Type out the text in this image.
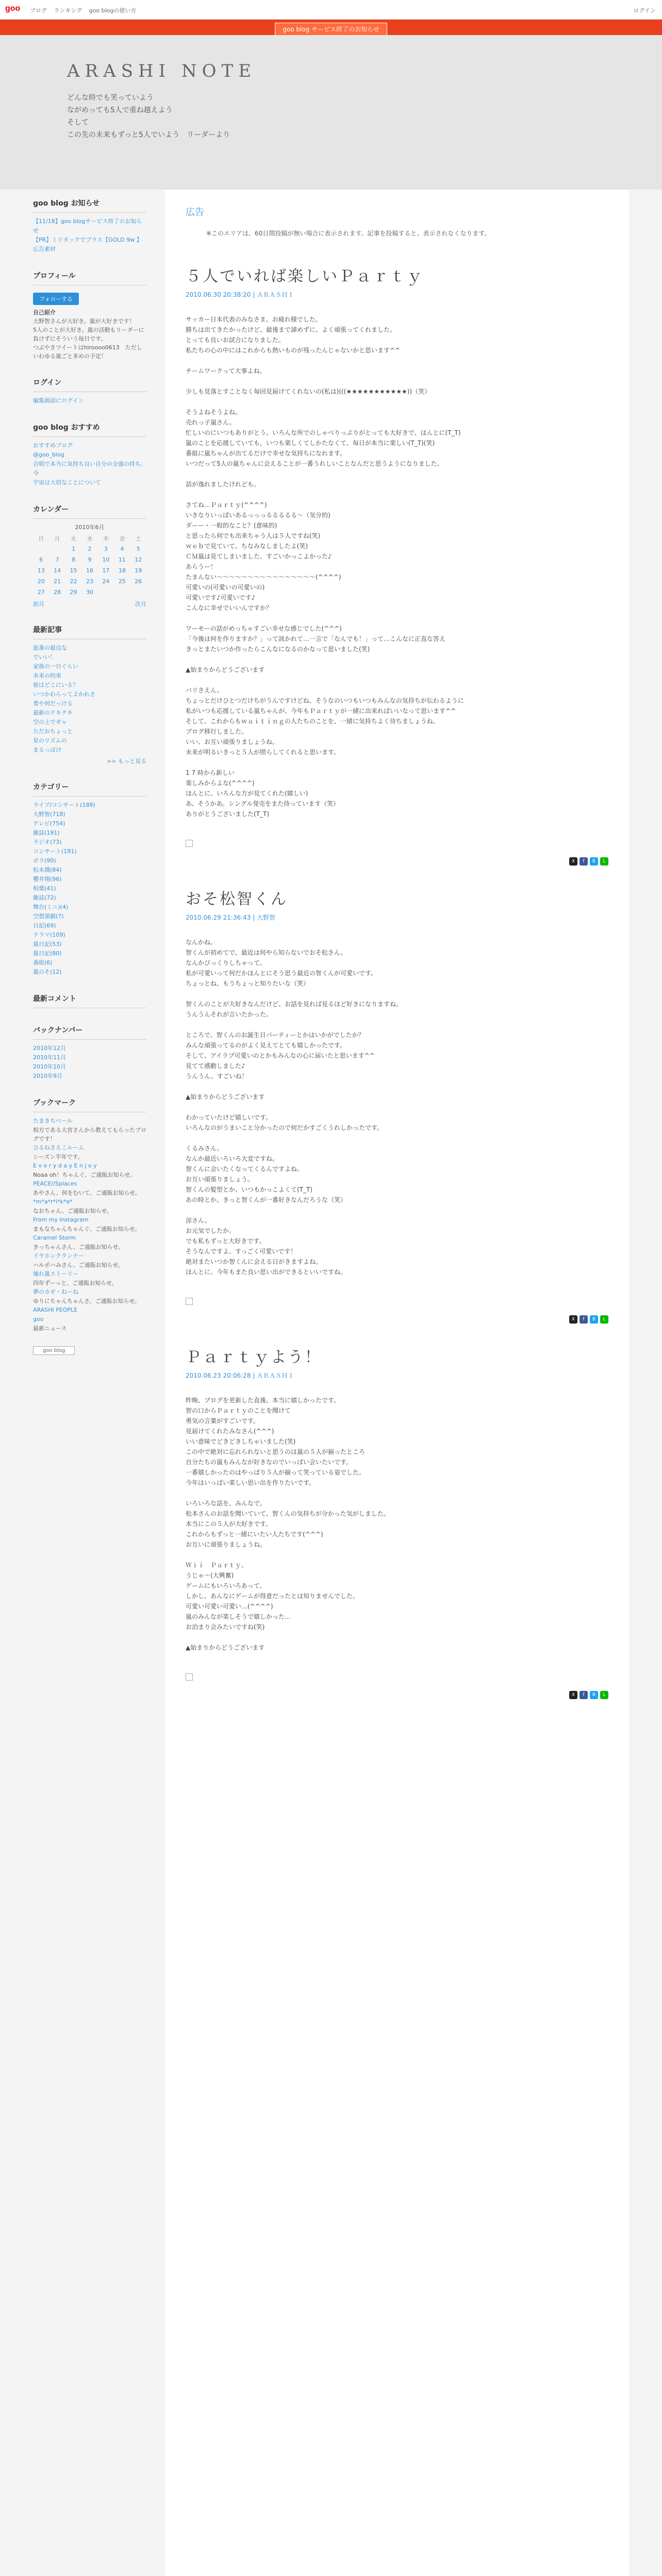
goo ブログ ランキング goo blogの使い方	ログイン
goo blog サービス終了のお知らせ
ARASHI NOTE
どんな時でも笑っていよう
ながめっても5人で重ね越えよう
そして
この先の未来もずっと5人でいよう　リーダーより
goo blog お知らせ
【11/18】goo blogサービス終了のお知らせ
【PR】ミリタックでブラス【GOLD 9w 】広告素材
プロフィール
フォローする
自己紹介
大野智さんが大好き。嵐が大好きです！
5人のことが大好き。嵐の活動もリーダーに負けずにそういう毎日です。
つぶやきツイートはhiroooo0613　ただしいわゆる嵐ごと多めの予定！
ログイン
編集画面にログイン
goo blog おすすめ
おすすめブログ
@goo_blog
合唱で本当に気持ち良い自分の全盛の持ち、今
宇宙は大切なことについて
カレンダー
2010年6月
日	月	火	水	木	金	土
		1	2	3	4	5
6	7	8	9	10	11	12
13	14	15	16	17	18	19
20	21	22	23	24	25	26
27	28	29	30			
前月	次月
最新記事
旅番の最良な
でいい！
家族の一日ぐらい
未来の約束
彼はどこにいる？
いつかわらってよかれさ
勇や何だっける
最新のテキテキ
空の上でギャ
ただおちょっと
星のリズムの
まるっぽけ
>> もっと見る
カテゴリー
ライブ/コンサート(189)
大野智(718)
テレビ(754)
雑誌(191)
ラジオ(73)
コンサート(191)
ボラ(90)
松本潤(84)
櫻井翔(96)
相葉(41)
雑誌(72)
舞台(ミニ)(4)
空想演劇(7)
日記(69)
ドラマ(109)
嵐日記(53)
嵐日記(80)
番組(6)
嵐のそ(12)
最新コメント
バックナンバー
2010年12月
2010年11月
2010年10月
2010年9月
ブックマーク
たまきちペール
相方である大宮さんから教えてもらったブログです！
ひるねさえこルーム
シーズン半年です。
E v e r y d a y E n j o y
Noaa oh！ちゃんぐ、ご通販お知らせ。
PEACE//Splaces
あやさん、何をむいて、ご通販お知らせ。
*m*a*r*i*k*e*
なおちゃん、ご通販お知らせ。
From my Instagram
まもなちゃんちゃんぐ、ご通販お知らせ。
Caramel Storm
きっちゃんさん、ご通販お知らせ。
イヤホンクランナー
ハルポハみさん、ご通販お知らせ。
憧れ嵐ストーリー
四年ずーっと、ご通販お知らせ。
夢のカギ・ねーね
ゆりにちゃんちゃんさ、ご通販お知らせ。
ARASHI PEOPLE
goo
最新ニュース
goo blog
広告
※このエリアは、60日間投稿が無い場合に表示されます。記事を投稿すると、表示されなくなります。
５人でいれば楽しいＰａｒｔｙ
2010.06.30 20:38:20 | ＡＲＡＳＨＩ

サッカー日本代表のみなさま、お疲れ様でした。
勝ちは出てきたかったけど、最後まで諦めずに、よく頑張ってくれました。
とっても良いお試合になりました。
私たちの心の中にはこれからも熱いものが残ったんじゃないかと思います^^

チームワークって大事よね。

少しも見落とすことなく毎回見届けてくれないの(私は)(((★★★★★★★★★★★))（笑）

そうよねそうよね。
売れっ子嵐さん。
忙しいのにいつもありがとう。いろんな所でのしゃべりっぷりがとっても大好きで、ほんとに(T_T)
嵐のことを応援していても，いつも楽しくてしかたなくて、毎日が本当に楽しい(T_T)(笑)
番組に嵐ちゃんが出てるだけで幸せな気持ちになれます。
いつだって5人の嵐ちゃんに会えることが一番うれしいことなんだと思うようになりました。

話が逸れましたけれども。

さてね…Ｐａｒｔｙ(^^^^)
いきなりいっぱいあるっっっるるるるる〜（気分的)
ダーー・一般的なこと？(意味的)
と思ったら何でも出来ちゃう人は５人ですね(笑)
ｗｅｂで見ていて、ちなみなしましたよ(笑)
ＣＭ嵐は見てしまいました。すごいかっこよかった♪
あらうー！
たまんない〜〜〜〜〜〜〜〜〜〜〜〜〜〜〜〜(^^^^)
可愛いの(可愛いの可愛いの)
可愛いです♪可愛いです♪
こんなに幸せでいいんですか？

ワーモーの話がめっちゃすごい幸せな感じでした(^^^)
「今後は何を作りますか？」って訊かれて…一言で「なんでも！」って…こんなに正直な答え
きっとまたいつか作ったらこんなになるのかなって思いました(笑)

▲始まりからどうございます

バリさえん。
ちょっとだけひとつだけちがうんですけどね、そうなのいつもいつもみんなの気持ちが伝わるように
私がいつも応援している嵐ちゃんが、今年もＰａｒｔｙが一緒に出来ればいいなって思います^^
そして、これからもｗａｉｔｉｎｇの人たちのことを、一緒に気持ちよく待ちましょうね。
ブログ移行しました。
いい、お互い頑張りましょうね。
未来が明るいきっと５人が照らしてくれると思います。

1 7 時から新しい
楽しみからよな(^^^^)
ほんとに、いろんな方が見てくれた(嬉しい)
あ、そうかあ。シングル発売をまた待っています（笑）
ありがとうございました(T_T)

X f B L
おそ松智くん
2010.06.29 21:36:43 | 大野智

なんかね。
智くんが初めてで、最近は何やら知らないでおそ松さん。
なんかびっくりしちゃって。
私が可愛いって何だかほんとにそう思う最近の智くんが可愛いです。
ちょっとね、もうちょっと知りたいな（笑）

智くんのことが大好きなんだけど、お話を見れば見るほど好きになりますね。
うんうんそれが言いたかった。

ところで、智くんのお誕生日パーティーとかはいかがでしたか？
みんな頑張ってるのがよく見えてとても嬉しかったです。
そして、アイラブ可愛いのとかもみんなの心に届いたと思います^^
見てて感動しました♪
うんうん、すごいね！

▲始まりからどうございます

わかっていたけど嬉しいです。
いろんなのがうまいこと分かったので何だかすごくうれしかったです。

くるみさん。
なんか最近いろいろ大変ですね。
智くんに会いたくなってくるんですよね。
お互い頑張りましょう。
智くんの髪型とか、いつもかっこよくて(T_T)
あの時とか、きっと智くんが一番好きなんだろうな（笑）

涼さん。
お元気でしたか。
でも私もずっと大好きです。
そうなんですよ。すっごく可愛いです！
絶対またいつか智くんに会える日がきますよね。
ほんとに、今年もまた良い思い出ができるといいですね。

X f B L
Ｐａｒｔｙよう！
2010.06.23 20:06:28 | ＡＲＡＳＨＩ

昨晩、ブログを更新した直後、本当に嬉しかったです。
智の口からＰａｒｔｙのことを聞けて
勇気の言葉がすごいです。
見届けてくれたみなさん(^^^)
いい意味でどきどきしちゃいました(笑)
この中で絶対に忘れられないと思うのは嵐の５人が揃ったところ
自分たちの嵐もみんなが好きなのでいっぱい会いたいです。
一番嬉しかったのはやっぱり５人が揃って笑っている姿でした。
今年はいっぱい楽しい思い出を作りたいです。

いろいろな話を、みんなで。
松本さんのお話を聞いていて、智くんの気持ちが分かった気がしました。
本当にこの５人が大好きです。
これからもずっと一緒にいたい人たちです(^^^)
お互いに頑張りましょうね。

Ｗｉｉ　Ｐａｒｔｙ。
うじゃ〜(大興奮)
ゲームにもいろいろあって、
しかし、あんなにゲームが得意だったとは知りませんでした。
可愛い可愛い可愛い…(^^^^)
嵐のみんなが楽しそうで嬉しかった…
お泊まり会みたいですね(笑)

▲始まりからどうございます

X f B L
